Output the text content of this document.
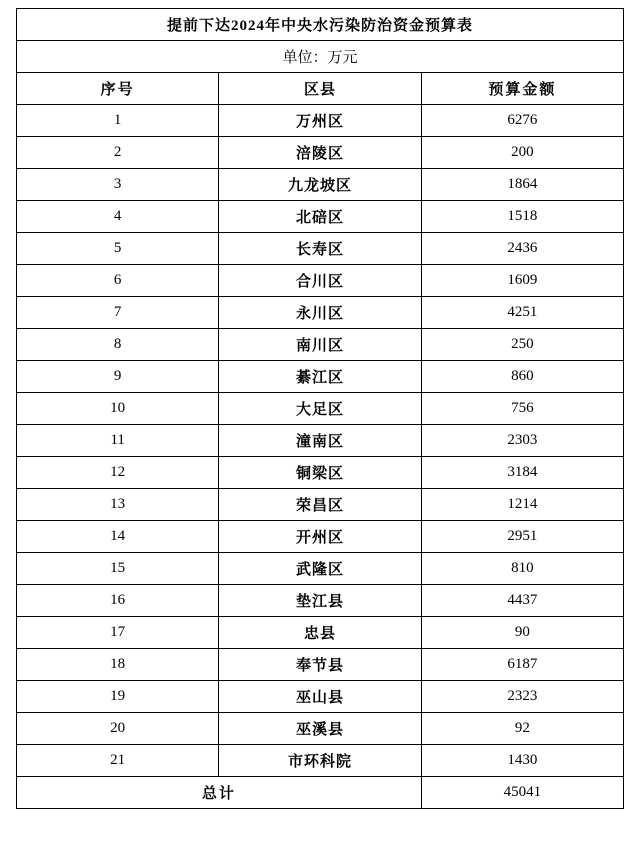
提前下达2024年中央水污染防治资金预算表		
单位：万元		
序号	区县	预算金额
1	万州区	6276
2	涪陵区	200
3	九龙坡区	1864
4	北碚区	1518
5	长寿区	2436
6	合川区	1609
7	永川区	4251
8	南川区	250
9	綦江区	860
10	大足区	756
11	潼南区	2303
12	铜梁区	3184
13	荣昌区	1214
14	开州区	2951
15	武隆区	810
16	垫江县	4437
17	忠县	90
18	奉节县	6187
19	巫山县	2323
20	巫溪县	92
21	市环科院	1430
总计		45041
